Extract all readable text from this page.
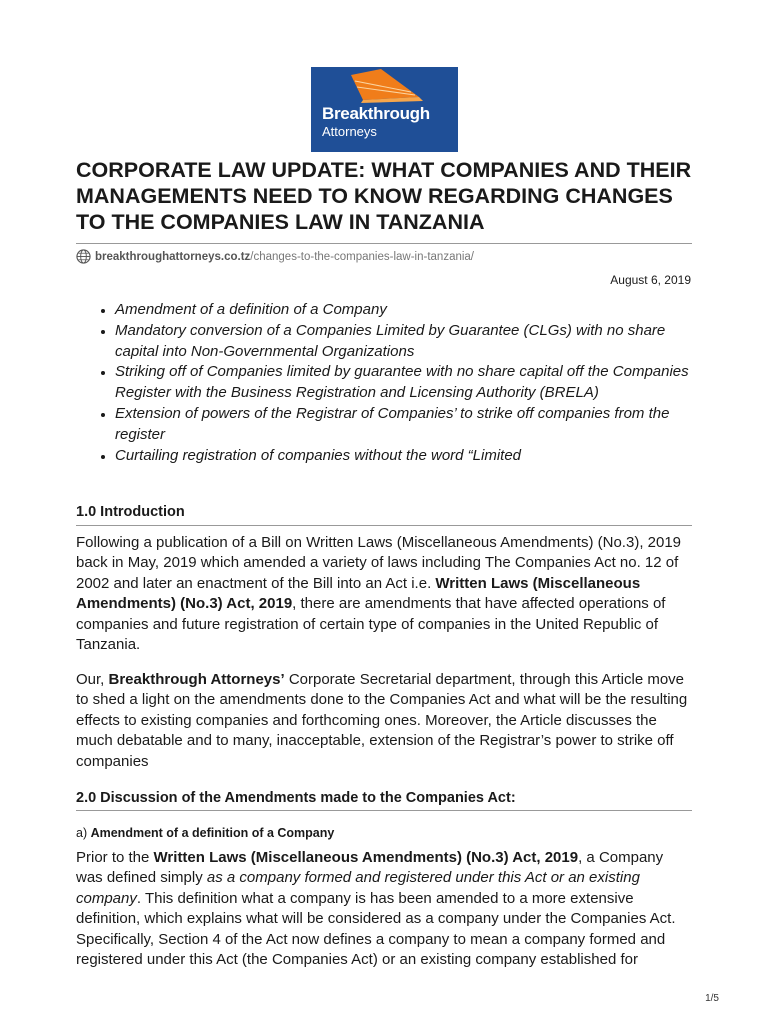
Breakthrough
Attorneys
CORPORATE LAW UPDATE: WHAT COMPANIES AND THEIR MANAGEMENTS NEED TO KNOW REGARDING CHANGES TO THE COMPANIES LAW IN TANZANIA
breakthroughattorneys.co.tz /changes-to-the-companies-law-in-tanzania/
August 6, 2019
Amendment of a definition of a Company
Mandatory conversion of a Companies Limited by Guarantee (CLGs) with no share capital into Non-Governmental Organizations
Striking off of Companies limited by guarantee with no share capital off the Companies Register with the Business Registration and Licensing Authority (BRELA)
Extension of powers of the Registrar of Companies’ to strike off companies from the register
Curtailing registration of companies without the word “Limited
1.0 Introduction

Following a publication of a Bill on Written Laws (Miscellaneous Amendments) (No.3), 2019 back in May, 2019 which amended a variety of laws including The Companies Act no. 12 of 2002 and later an enactment of the Bill into an Act i.e. Written Laws (Miscellaneous Amendments) (No.3) Act, 2019, there are amendments that have affected operations of companies and future registration of certain type of companies in the United Republic of Tanzania.

Our, Breakthrough Attorneys’ Corporate Secretarial department, through this Article move to shed a light on the amendments done to the Companies Act and what will be the resulting effects to existing companies and forthcoming ones. Moreover, the Article discusses the much debatable and to many, inacceptable, extension of the Registrar’s power to strike off companies

2.0 Discussion of the Amendments made to the Companies Act:
a) Amendment of a definition of a Company

Prior to the Written Laws (Miscellaneous Amendments) (No.3) Act, 2019, a Company was defined simply as a company formed and registered under this Act or an existing company. This definition what a company is has been amended to a more extensive definition, which explains what will be considered as a company under the Companies Act. Specifically, Section 4 of the Act now defines a company to mean a company formed and registered under this Act (the Companies Act) or an existing company established for

1/5
